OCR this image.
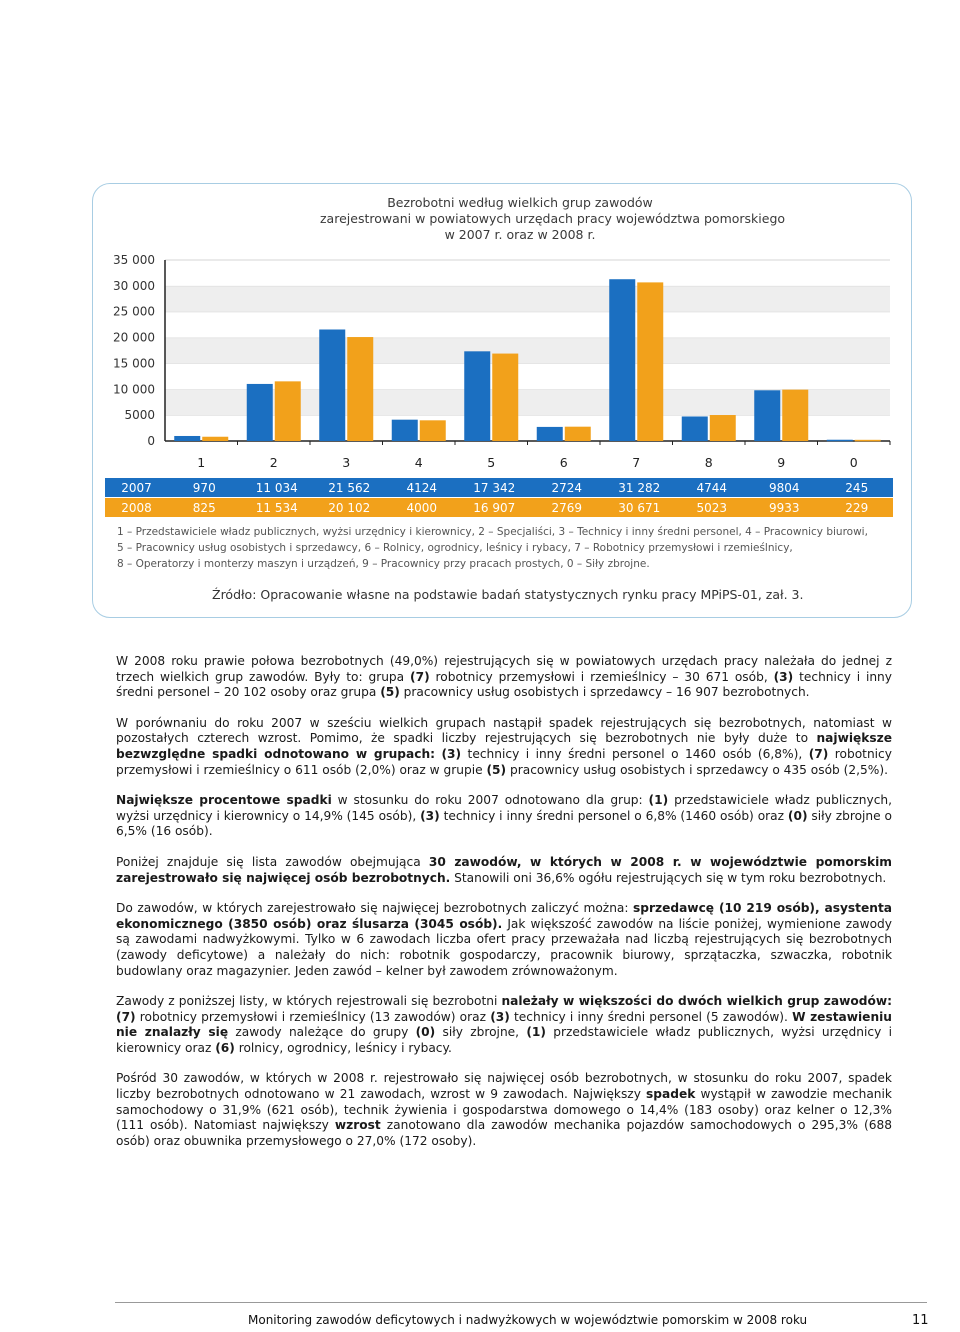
Bezrobotni według wielkich grup zawodów
zarejestrowani w powiatowych urzędach pracy województwa pomorskiego
w 2007 r. oraz w 2008 r.
0
5000
10 000
15 000
20 000
25 000
30 000
35 000
1	2	3	4	5	6	7	8	9	0
2007	970	11 034	21 562	4124	17 342	2724	31 282	4744	9804	245
2008	825	11 534	20 102	4000	16 907	2769	30 671	5023	9933	229
1 – Przedstawiciele władz publicznych, wyżsi urzędnicy i kierownicy, 2 – Specjaliści, 3 – Technicy i inny średni personel, 4 – Pracownicy biurowi,
5 – Pracownicy usług osobistych i sprzedawcy, 6 – Rolnicy, ogrodnicy, leśnicy i rybacy, 7 – Robotnicy przemysłowi i rzemieślnicy,
8 – Operatorzy i monterzy maszyn i urządzeń, 9 – Pracownicy przy pracach prostych, 0 – Siły zbrojne.
Źródło: Opracowanie własne na podstawie badań statystycznych rynku pracy MPiPS-01, zał. 3.

W 2008 roku prawie połowa bezrobotnych (49,0%) rejestrujących się w powiatowych urzędach pracy należała do jednej z trzech wielkich grup zawodów. Były to: grupa (7) robotnicy przemysłowi i rzemieślnicy – 30 671 osób, (3) technicy i inny średni personel – 20 102 osoby oraz grupa (5) pracownicy usług osobistych i sprzedawcy – 16 907 bezrobotnych.

W porównaniu do roku 2007 w sześciu wielkich grupach nastąpił spadek rejestrujących się bezrobotnych, natomiast w pozostałych czterech wzrost. Pomimo, że spadki liczby rejestrujących się bezrobotnych nie były duże to największe bezwzględne spadki odnotowano w grupach: (3) technicy i inny średni personel o 1460 osób (6,8%), (7) robotnicy przemysłowi i rzemieślnicy o 611 osób (2,0%) oraz w grupie (5) pracownicy usług osobistych i sprzedawcy o 435 osób (2,5%).

Największe procentowe spadki w stosunku do roku 2007 odnotowano dla grup: (1) przedstawiciele władz publicznych, wyżsi urzędnicy i kierownicy o 14,9% (145 osób), (3) technicy i inny średni personel o 6,8% (1460 osób) oraz (0) siły zbrojne o 6,5% (16 osób).

Poniżej znajduje się lista zawodów obejmująca 30 zawodów, w których w 2008 r. w województwie pomorskim zarejestrowało się najwięcej osób bezrobotnych. Stanowili oni 36,6% ogółu rejestrujących się w tym roku bezrobotnych.

Do zawodów, w których zarejestrowało się najwięcej bezrobotnych zaliczyć można: sprzedawcę (10 219 osób), asystenta ekonomicznego (3850 osób) oraz ślusarza (3045 osób). Jak większość zawodów na liście poniżej, wymienione zawody są zawodami nadwyżkowymi. Tylko w 6 zawodach liczba ofert pracy przeważała nad liczbą rejestrujących się bezrobotnych (zawody deficytowe) a należały do nich: robotnik gospodarczy, pracownik biurowy, sprzątaczka, szwaczka, robotnik budowlany oraz magazynier. Jeden zawód – kelner był zawodem zrównoważonym.

Zawody z poniższej listy, w których rejestrowali się bezrobotni należały w większości do dwóch wielkich grup zawodów: (7) robotnicy przemysłowi i rzemieślnicy (13 zawodów) oraz (3) technicy i inny średni personel (5 zawodów). W zestawieniu nie znalazły się zawody należące do grupy (0) siły zbrojne, (1) przedstawiciele władz publicznych, wyżsi urzędnicy i kierownicy oraz (6) rolnicy, ogrodnicy, leśnicy i rybacy.

Pośród 30 zawodów, w których w 2008 r. rejestrowało się najwięcej osób bezrobotnych, w stosunku do roku 2007, spadek liczby bezrobotnych odnotowano w 21 zawodach, wzrost w 9 zawodach. Największy spadek wystąpił w zawodzie mechanik samochodowy o 31,9% (621 osób), technik żywienia i gospodarstwa domowego o 14,4% (183 osoby) oraz kelner o 12,3% (111 osób). Natomiast największy wzrost zanotowano dla zawodów mechanika pojazdów samochodowych o 295,3% (688 osób) oraz obuwnika przemysłowego o 27,0% (172 osoby).

Monitoring zawodów deficytowych i nadwyżkowych w województwie pomorskim w 2008 roku	11
